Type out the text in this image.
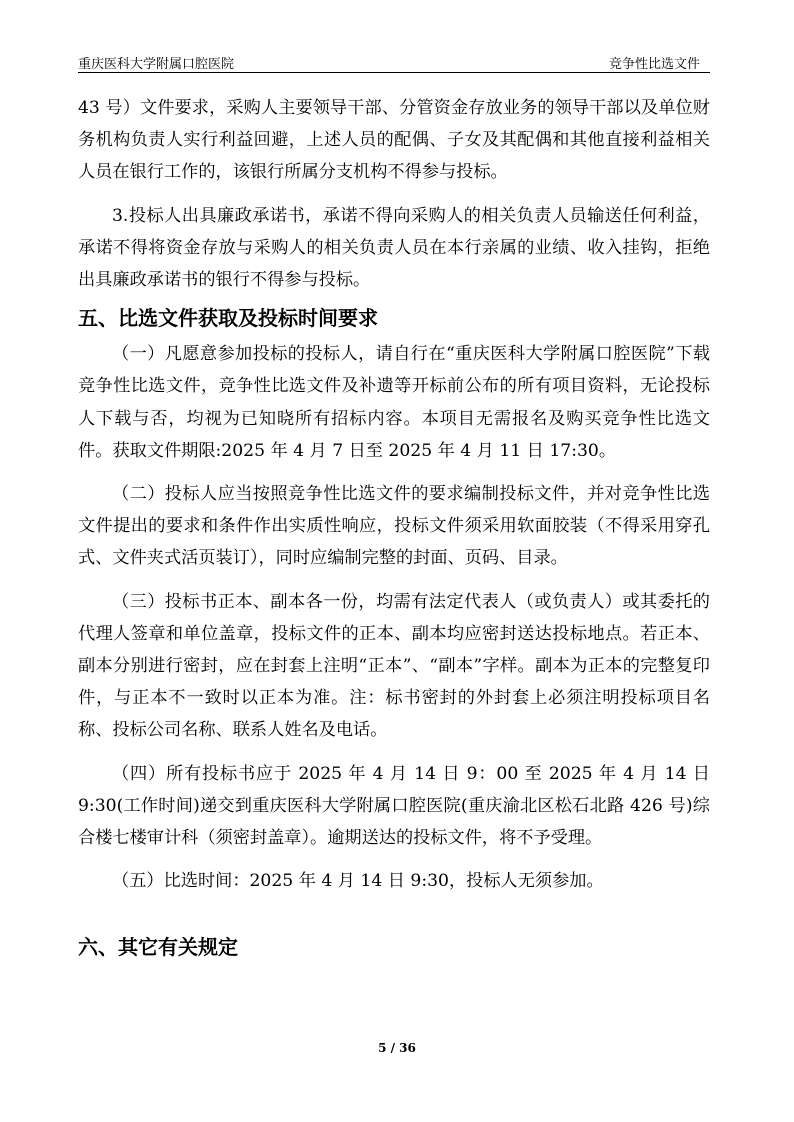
重庆医科大学附属口腔医院	竞争性比选文件

43 号）文件要求，采购人主要领导干部、分管资金存放业务的领导干部以及单位财务机构负责人实行利益回避，上述人员的配偶、子女及其配偶和其他直接利益相关人员在银行工作的，该银行所属分支机构不得参与投标。

3.投标人出具廉政承诺书，承诺不得向采购人的相关负责人员输送任何利益，承诺不得将资金存放与采购人的相关负责人员在本行亲属的业绩、收入挂钩，拒绝出具廉政承诺书的银行不得参与投标。

五、比选文件获取及投标时间要求

（一）凡愿意参加投标的投标人，请自行在“重庆医科大学附属口腔医院”下载竞争性比选文件，竞争性比选文件及补遗等开标前公布的所有项目资料，无论投标人下载与否，均视为已知晓所有招标内容。本项目无需报名及购买竞争性比选文件。获取文件期限:2025 年 4 月 7 日至 2025 年 4 月 11 日 17:30。

（二）投标人应当按照竞争性比选文件的要求编制投标文件，并对竞争性比选文件提出的要求和条件作出实质性响应，投标文件须采用软面胶装（不得采用穿孔式、文件夹式活页装订），同时应编制完整的封面、页码、目录。

（三）投标书正本、副本各一份，均需有法定代表人（或负责人）或其委托的代理人签章和单位盖章，投标文件的正本、副本均应密封送达投标地点。若正本、副本分别进行密封，应在封套上注明“正本”、“副本”字样。副本为正本的完整复印件，与正本不一致时以正本为准。注：标书密封的外封套上必须注明投标项目名称、投标公司名称、联系人姓名及电话。

（四）所有投标书应于 2025 年 4 月 14 日 9：00 至 2025 年 4 月 14 日 9:30(工作时间)递交到重庆医科大学附属口腔医院(重庆渝北区松石北路 426 号)综合楼七楼审计科（须密封盖章）。逾期送达的投标文件，将不予受理。

（五）比选时间：2025 年 4 月 14 日 9:30，投标人无须参加。

六、其它有关规定
5 / 36
